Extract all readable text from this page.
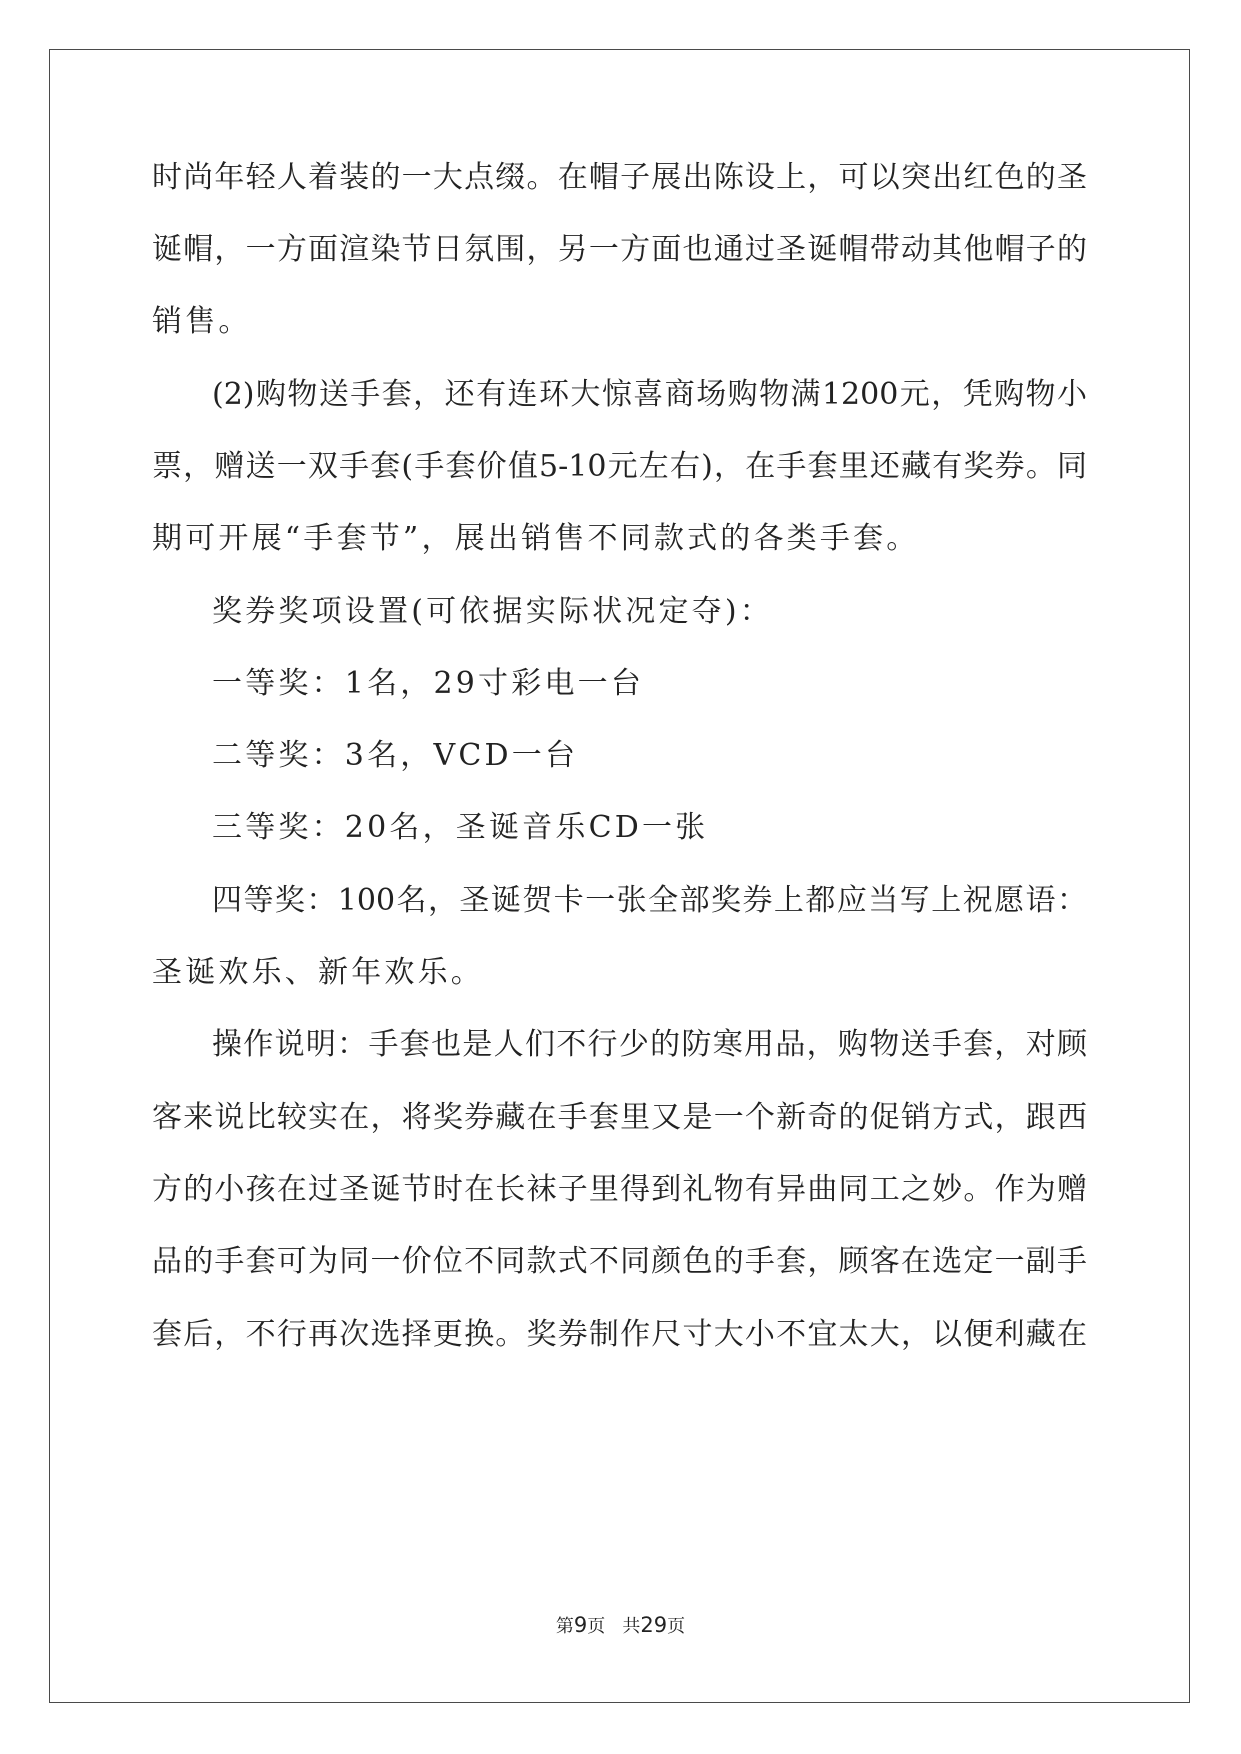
时尚年轻人着装的一大点缀。在帽子展出陈设上，可以突出红色的圣
诞帽，一方面渲染节日氛围，另一方面也通过圣诞帽带动其他帽子的
销售。
(2)购物送手套，还有连环大惊喜商场购物满1200元，凭购物小
票，赠送一双手套(手套价值5-10元左右)，在手套里还藏有奖券。同
期可开展“手套节”，展出销售不同款式的各类手套。
奖券奖项设置(可依据实际状况定夺)：
一等奖：1名，29寸彩电一台
二等奖：3名，VCD一台
三等奖：20名，圣诞音乐CD一张
四等奖：100名，圣诞贺卡一张全部奖券上都应当写上祝愿语：
圣诞欢乐、新年欢乐。
操作说明：手套也是人们不行少的防寒用品，购物送手套，对顾
客来说比较实在，将奖券藏在手套里又是一个新奇的促销方式，跟西
方的小孩在过圣诞节时在长袜子里得到礼物有异曲同工之妙。作为赠
品的手套可为同一价位不同款式不同颜色的手套，顾客在选定一副手
套后，不行再次选择更换。奖券制作尺寸大小不宜太大，以便利藏在
第9页 共29页
